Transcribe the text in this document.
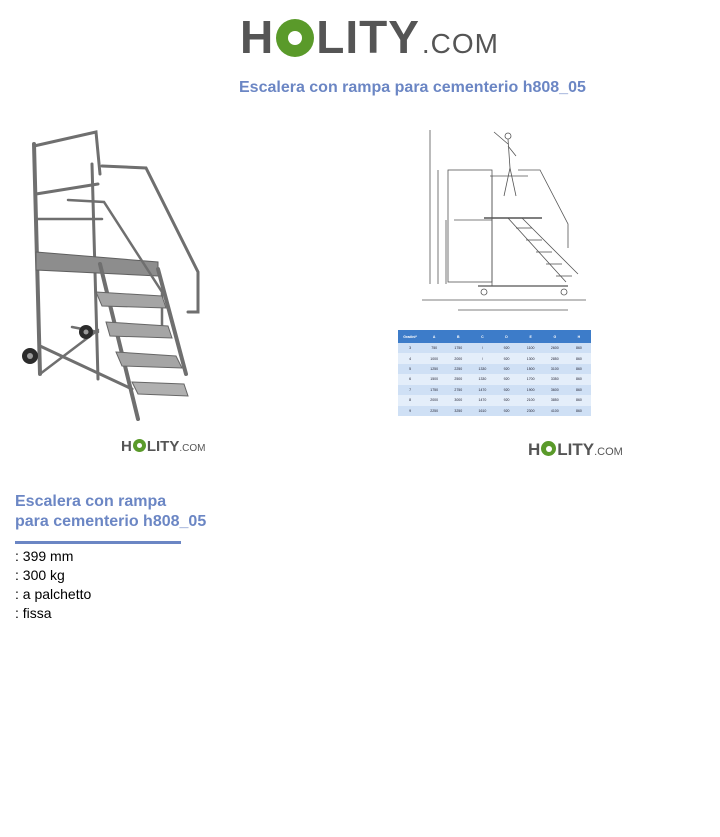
H LITY .COM
Escalera con rampa para cementerio h808_05
H LITY .COM
Gradini*	A	B	C	D	E	G	H
3	750	1750	/	920	1100	2600	860
4	1000	2000	/	920	1300	2850	860
5	1250	2250	1330	920	1500	3100	860
6	1500	2500	1330	920	1700	3350	860
7	1750	2750	1470	920	1900	3600	860
8	2000	3000	1470	920	2100	3850	860
9	2250	3250	1610	920	2300	4100	860
H LITY .COM
Escalera con rampa
para cementerio h808_05
: 399 mm
: 300 kg
: a palchetto
: fissa
